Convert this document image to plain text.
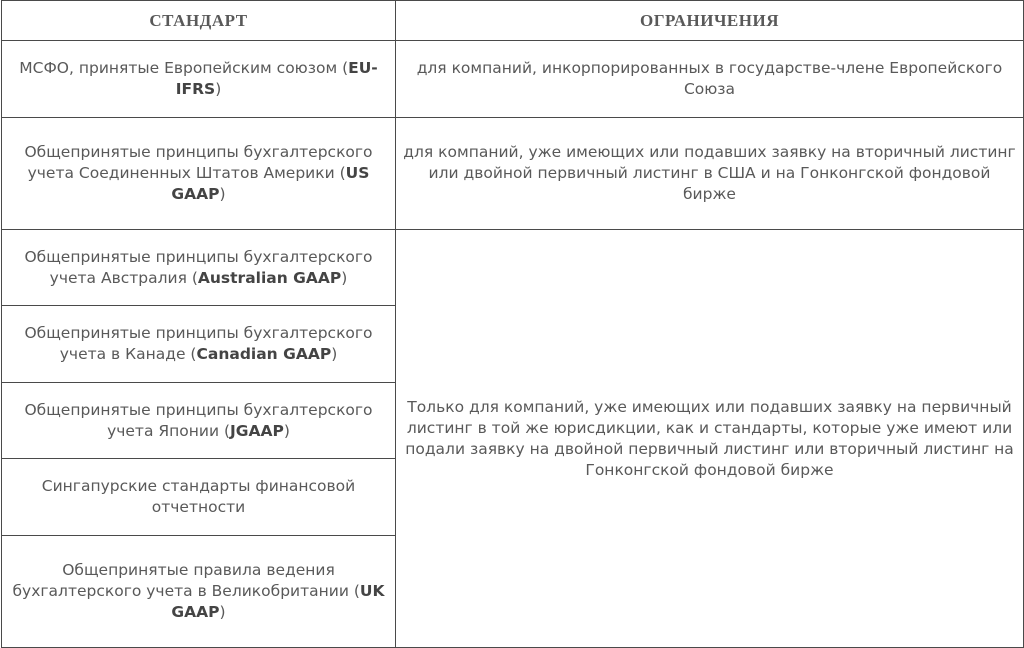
СТАНДАРТ	ОГРАНИЧЕНИЯ
МСФО, принятые Европейским союзом (EU-IFRS)	для компаний, инкорпорированных в государстве-члене Европейского Союза
Общепринятые принципы бухгалтерского учета Соединенных Штатов Америки (US GAAP)	для компаний, уже имеющих или подавших заявку на вторичный листинг или двойной первичный листинг в США и на Гонконгской фондовой бирже
Общепринятые принципы бухгалтерского учета Австралия (Australian GAAP)	Только для компаний, уже имеющих или подавших заявку на первичный листинг в той же юрисдикции, как и стандарты, которые уже имеют или подали заявку на двойной первичный листинг или вторичный листинг на Гонконгской фондовой бирже
Общепринятые принципы бухгалтерского учета в Канаде (Canadian GAAP)	
Общепринятые принципы бухгалтерского учета Японии (JGAAP)	
Сингапурские стандарты финансовой отчетности	
Общепринятые правила ведения бухгалтерского учета в Великобритании (UK GAAP)	
